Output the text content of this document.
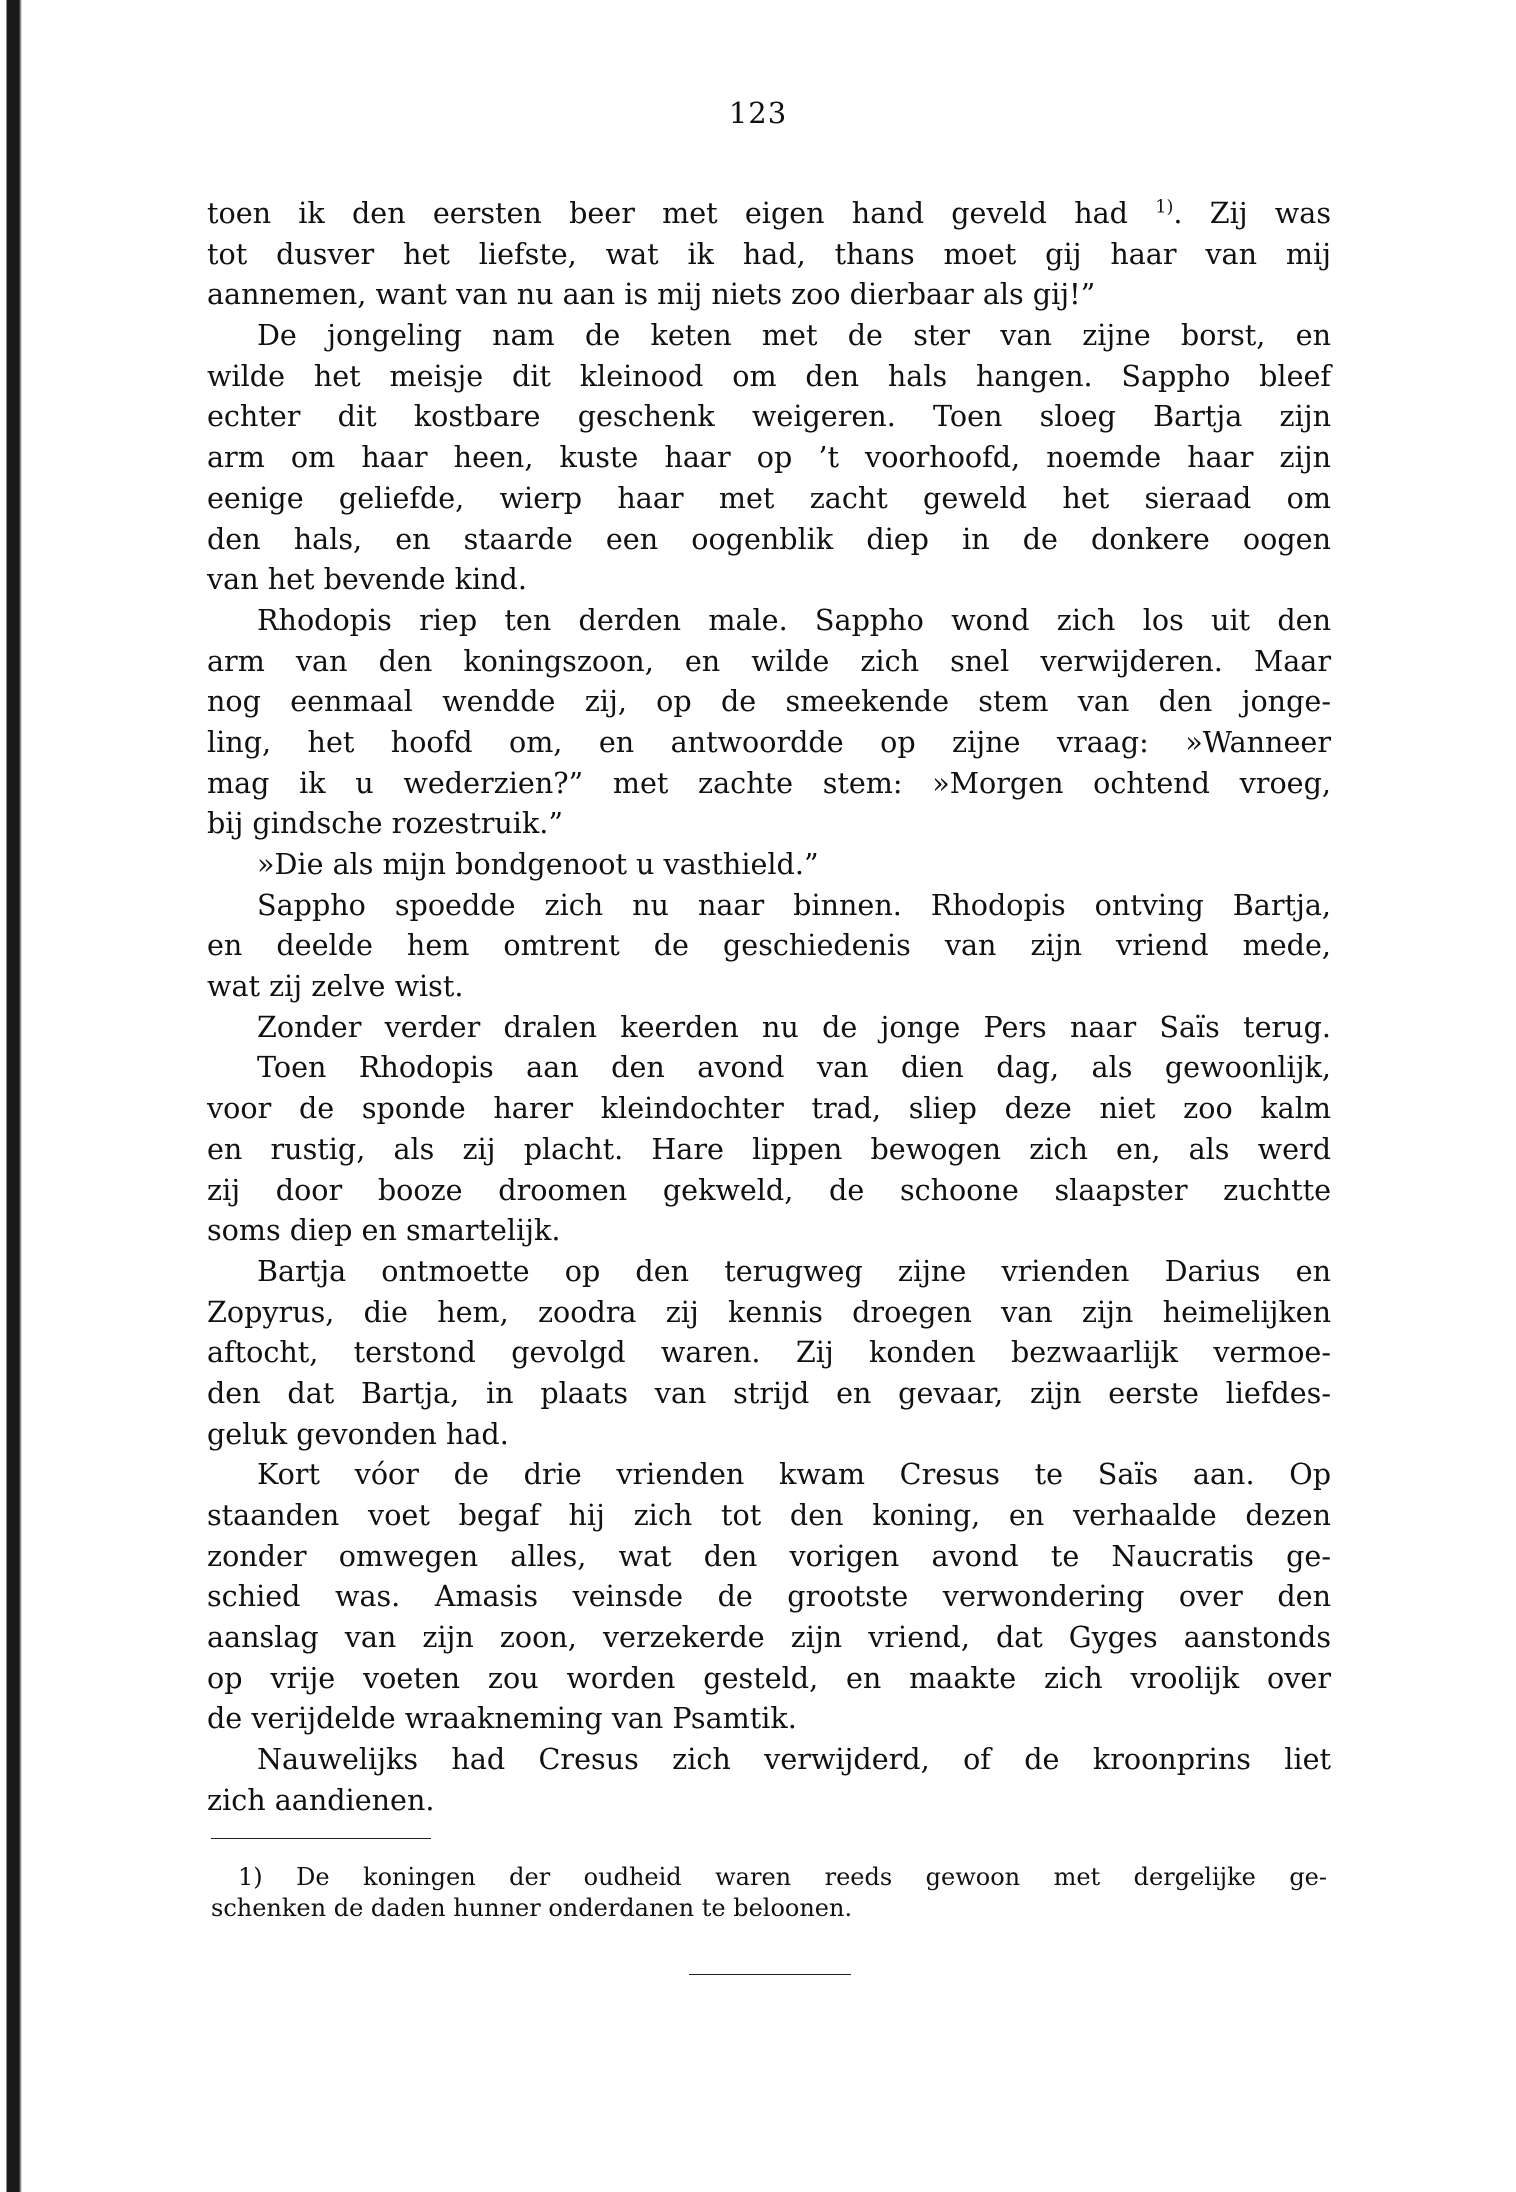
123
toen ik den eersten beer met eigen hand geveld had $^{1)}$. Zij was
tot dusver het liefste, wat ik had, thans moet gij haar van mij
aannemen, want van nu aan is mij niets zoo dierbaar als gij!”
De jongeling nam de keten met de ster van zijne borst, en
wilde het meisje dit kleinood om den hals hangen. Sappho bleef
echter dit kostbare geschenk weigeren. Toen sloeg Bartja zijn
arm om haar heen, kuste haar op ’t voorhoofd, noemde haar zijn
eenige geliefde, wierp haar met zacht geweld het sieraad om
den hals, en staarde een oogenblik diep in de donkere oogen
van het bevende kind.
Rhodopis riep ten derden male. Sappho wond zich los uit den
arm van den koningszoon, en wilde zich snel verwijderen. Maar
nog eenmaal wendde zij, op de smeekende stem van den jonge-
ling, het hoofd om, en antwoordde op zijne vraag: »Wanneer
mag ik u wederzien?” met zachte stem: »Morgen ochtend vroeg,
bij gindsche rozestruik.”
»Die als mijn bondgenoot u vasthield.”
Sappho spoedde zich nu naar binnen. Rhodopis ontving Bartja,
en deelde hem omtrent de geschiedenis van zijn vriend mede,
wat zij zelve wist.
Zonder verder dralen keerden nu de jonge Pers naar Saïs terug.
Toen Rhodopis aan den avond van dien dag, als gewoonlijk,
voor de sponde harer kleindochter trad, sliep deze niet zoo kalm
en rustig, als zij placht. Hare lippen bewogen zich en, als werd
zij door booze droomen gekweld, de schoone slaapster zuchtte
soms diep en smartelijk.
Bartja ontmoette op den terugweg zijne vrienden Darius en
Zopyrus, die hem, zoodra zij kennis droegen van zijn heimelijken
aftocht, terstond gevolgd waren. Zij konden bezwaarlijk vermoe-
den dat Bartja, in plaats van strijd en gevaar, zijn eerste liefdes-
geluk gevonden had.
Kort vóor de drie vrienden kwam Cresus te Saïs aan. Op
staanden voet begaf hij zich tot den koning, en verhaalde dezen
zonder omwegen alles, wat den vorigen avond te Naucratis ge-
schied was. Amasis veinsde de grootste verwondering over den
aanslag van zijn zoon, verzekerde zijn vriend, dat Gyges aanstonds
op vrije voeten zou worden gesteld, en maakte zich vroolijk over
de verijdelde wraakneming van Psamtik.
Nauwelijks had Cresus zich verwijderd, of de kroonprins liet
zich aandienen.
1) De koningen der oudheid waren reeds gewoon met dergelijke ge-
schenken de daden hunner onderdanen te beloonen.
